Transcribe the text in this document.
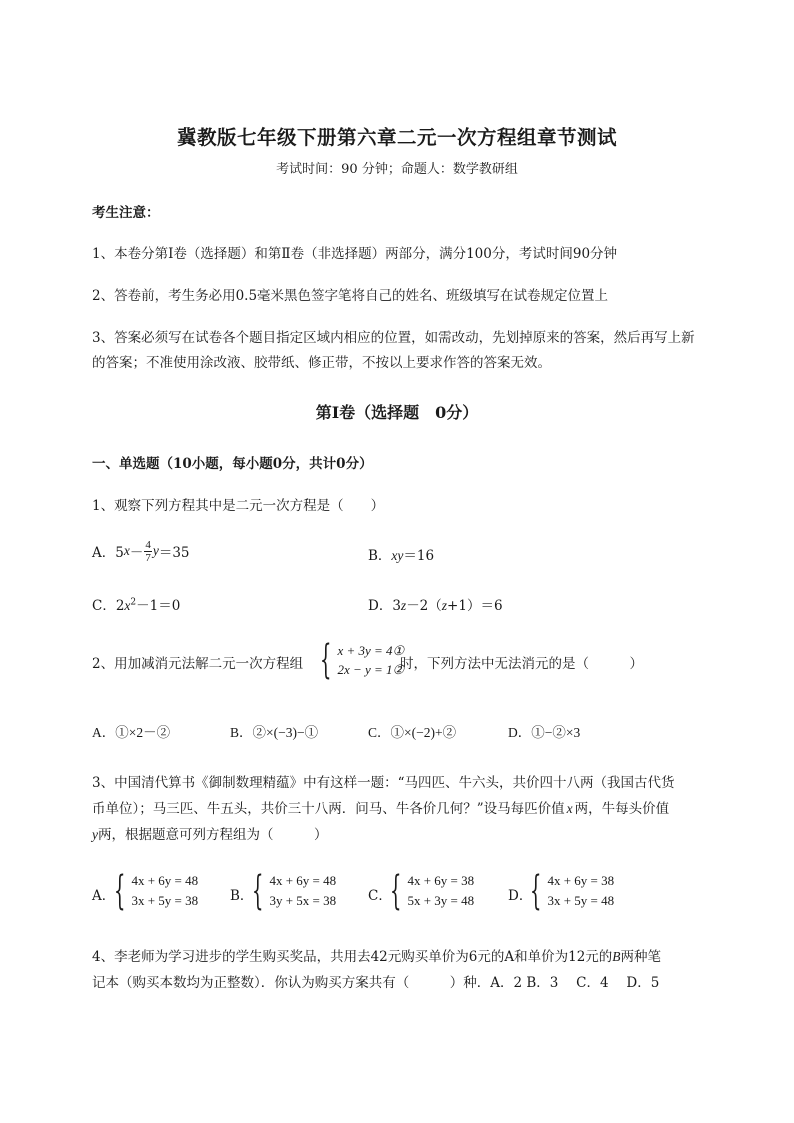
冀教版七年级下册第六章二元一次方程组章节测试
考试时间：90 分钟；命题人：数学教研组
考生注意：
1、本卷分第Ⅰ卷（选择题）和第Ⅱ卷（非选择题）两部分，满分100分，考试时间90分钟
2、答卷前，考生务必用0.5毫米黑色签字笔将自己的姓名、班级填写在试卷规定位置上
3、答案必须写在试卷各个题目指定区域内相应的位置，如需改动，先划掉原来的答案，然后再写上新
的答案；不准使用涂改液、胶带纸、修正带，不按以上要求作答的答案无效。
第Ⅰ卷（选择题　0分）
一、单选题（10小题，每小题0分，共计0分）
1、观察下列方程其中是二元一次方程是（　　）
A．5 $x - \frac{4}{7}$ y ＝35	B．xy＝16
C．$2x^2-1=0$	D．3z－2（z+1）＝6
2、用加减消元法解二元一次方程组 { x + 3y = 4①
2x − y = 1②
时，下列方法中无法消元的是（　　　）
A．①×2－②	B．②×(−3)−①	C．①×(−2)+②	D．①−②×3
3、中国清代算书《御制数理精蕴》中有这样一题：“马四匹、牛六头，共价四十八两（我国古代货
币单位）；马三匹、牛五头，共价三十八两．问马、牛各价几何？”设马每匹价值 x 两，牛每头价值
y两，根据题意可列方程组为（　　　）
A．
{ 4x + 6y = 48
3x + 5y = 38 B．
{ 4x + 6y = 48
3y + 5x = 38 C．
{ 4x + 6y = 38
5x + 3y = 48	D．
{ 4x + 6y = 38
3x + 5y = 48
4、李老师为学习进步的学生购买奖品，共用去42元购买单价为6元的A和单价为12元的B两种笔
记本（购买本数均为正整数）．你认为购买方案共有（　　　）种．A．2 B．3　 C．4　 D．5
